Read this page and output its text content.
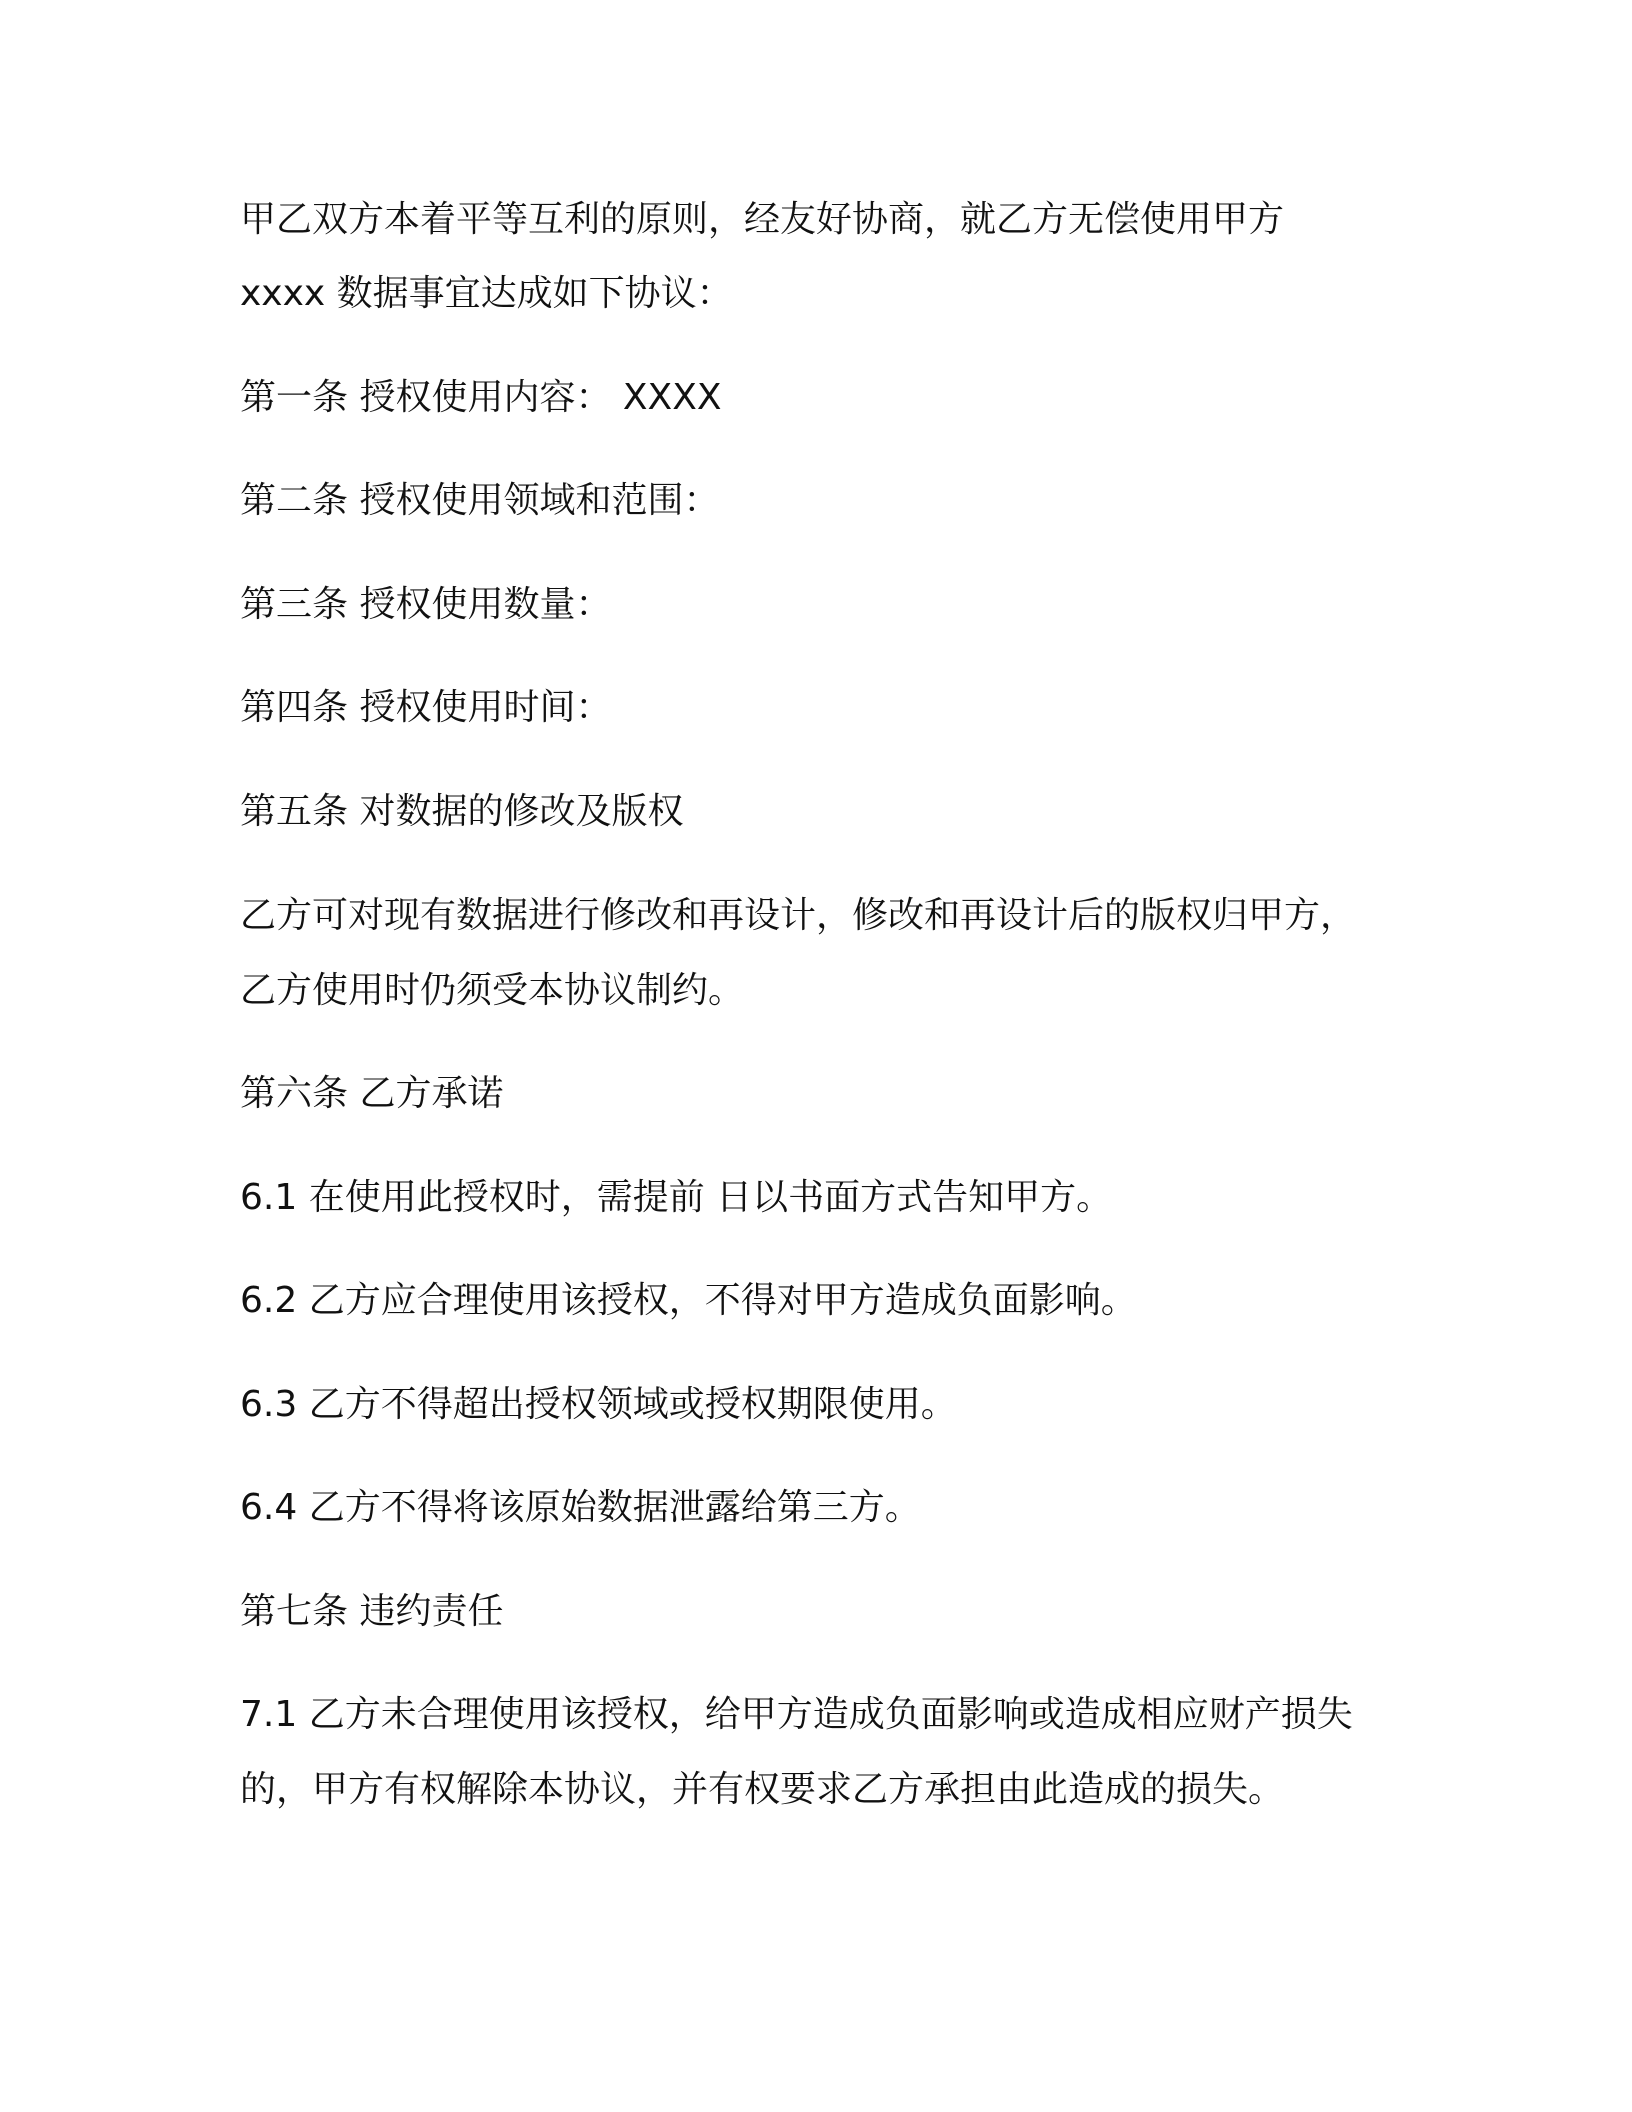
甲乙双方本着平等互利的原则，经友好协商，就乙方无偿使用甲方

xxxx 数据事宜达成如下协议：

第一条 授权使用内容： XXXX

第二条 授权使用领域和范围：

第三条 授权使用数量：

第四条 授权使用时间：

第五条 对数据的修改及版权

乙方可对现有数据进行修改和再设计，修改和再设计后的版权归甲方，

乙方使用时仍须受本协议制约。

第六条 乙方承诺

6.1 在使用此授权时，需提前 日以书面方式告知甲方。

6.2 乙方应合理使用该授权，不得对甲方造成负面影响。

6.3 乙方不得超出授权领域或授权期限使用。

6.4 乙方不得将该原始数据泄露给第三方。

第七条 违约责任

7.1 乙方未合理使用该授权，给甲方造成负面影响或造成相应财产损失

的，甲方有权解除本协议，并有权要求乙方承担由此造成的损失。
